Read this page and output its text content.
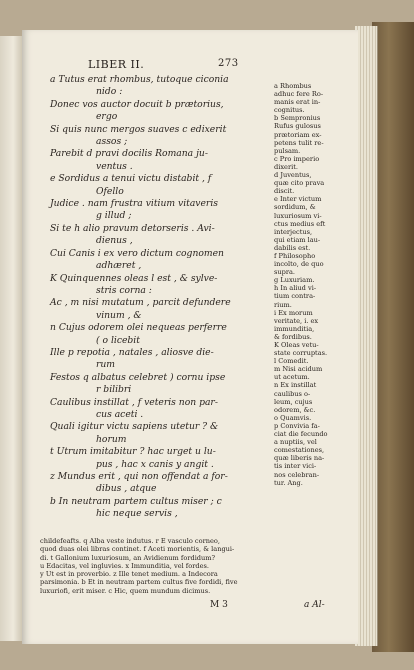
LIBER II.	273
a Tutus erat rhombus, tutoque ciconia
nido :
Donec vos auctor docuit b prætorius,
ergo
Si quis nunc mergos suaves c edixerit
assos ;
Parebit d pravi docilis Romana ju-
ventus .
e Sordidus a tenui victu distabit , f
Ofello
Judice . nam frustra vitium vitaveris
g illud ;
Si te h alio pravum detorseris . Avi-
dienus ,
Cui Canis i ex vero dictum cognomen
adhæret ,
K Quinquennes oleas l est , & sylve-
stris corna :
Ac , m nisi mutatum , parcit defundere
vinum , &
n Cujus odorem olei nequeas perferre
( o licebit
Ille p repotia , natales , aliosve die-
rum
Festos q albatus celebret ) cornu ipse
r bilibri
Caulibus instillat , f veteris non par-
cus aceti .
Quali igitur victu sapiens utetur ? &
horum
t Utrum imitabitur ? hac urget u lu-
pus , hac x canis y angit .
z Mundus erit , qui non offendat a for-
dibus , atque
b In neutram partem cultus miser ; c
hic neque servis ,
a Rhombus
adhuc fere Ro-
manis erat in-
cognitus.
b Sempronius
Rufus gulosus
prætoriam ex-
petens tulit re-
pulsam.
c Pro imperio
dixerit.
d Juventus,
quæ cito prava
discit.
e Inter victum
sordidum, &
luxuriosum vi-
ctus medius eft
interjectus,
qui etiam lau-
dabilis est.
f Philosopho
incolto, de quo
supra.
g Luxuriam.
h In aliud vi-
tium contra-
rium.
i Ex morum
veritate, i. ex
immunditia,
& fordibus.
K Oleas vetu-
state corruptas.
l Comedit.
m Nisi acidum
ut acetum.
n Ex instillat
caulibus o-
leum, cujus
odorem, &c.
o Quamvis.
p Convivia fa-
ciat die fecundo
a nuptiis, vel
comestationes,
quæ liberis na-
tis inter vici-
nos celebran-
tur. Ang.
childefeafts. q Alba veste indutus. r E vasculo corneo,
quod duas olei libras continet. f Aceti morientis, & langui-
di. t Gallonium luxuriosum, an Avidienum fordidum?
u Edacitas, vel ingluvies. x Immunditia, vel fordes.
y Ut est in proverbio. z Ille tenet medium. a Indecora
parsimonia. b Et in neutram partem cultus five fordidi, five
luxuriofi, erit miser. c Hic, quem mundum dicimus.
M 3	a Al-
